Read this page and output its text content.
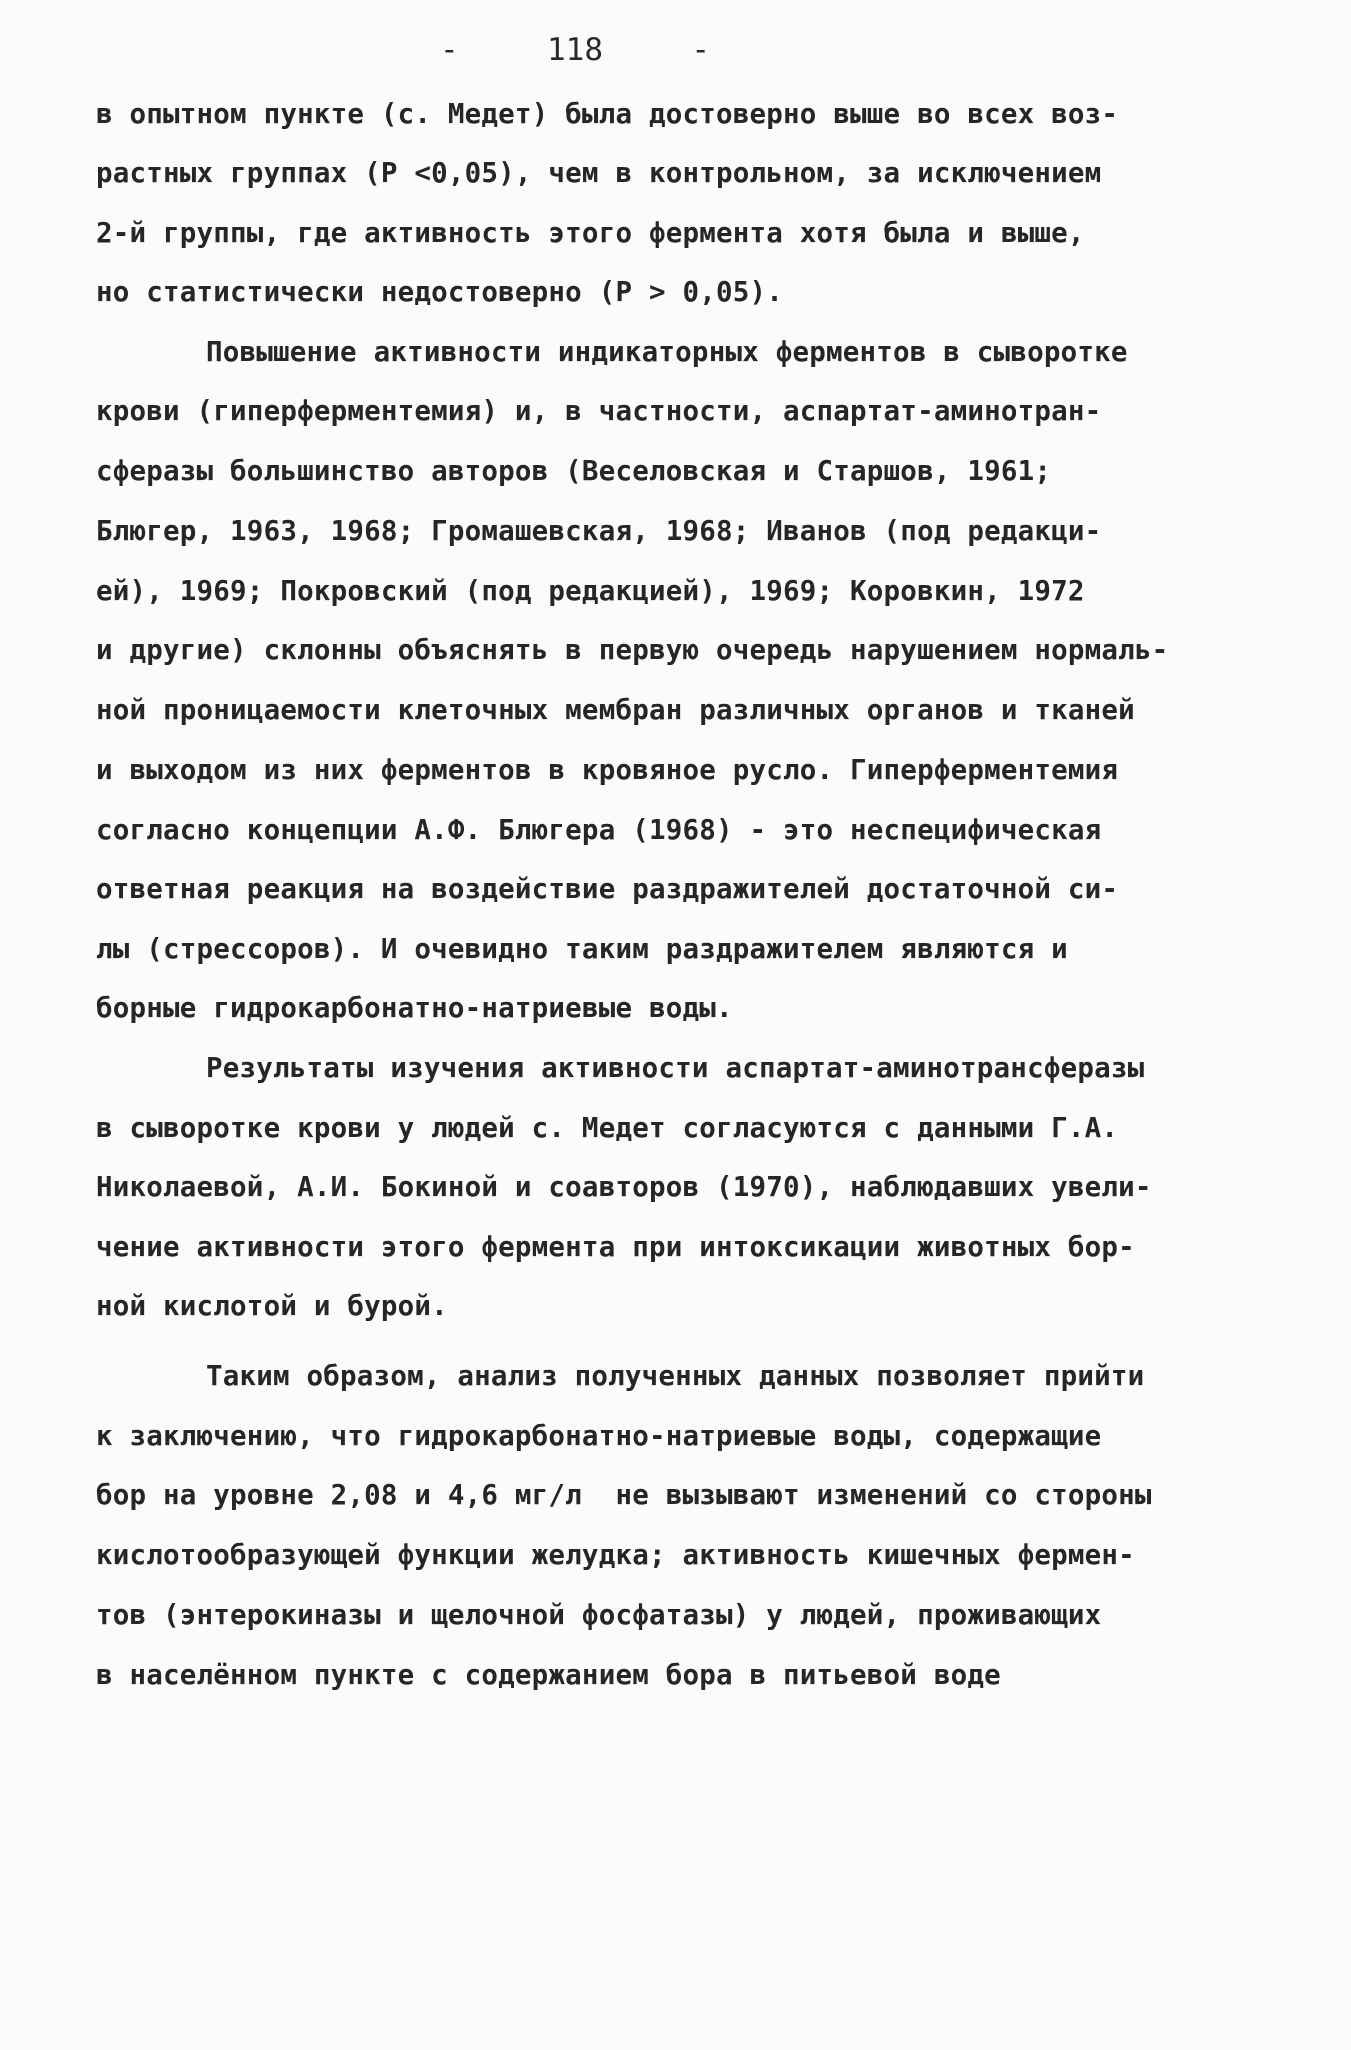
-	118	-
в опытном пункте (с. Медет) была достоверно выше во всех воз-
растных группах (P <0,05), чем в контрольном, за исключением
2-й группы, где активность этого фермента хотя была и выше,
но статистически недостоверно (P > 0,05).
Повышение активности индикаторных ферментов в сыворотке
крови (гиперферментемия) и, в частности, аспартат-аминотран-
сферазы большинство авторов (Веселовская и Старшов, 1961;
Блюгер, 1963, 1968; Громашевская, 1968; Иванов (под редакци-
ей), 1969; Покровский (под редакцией), 1969; Коровкин, 1972
и другие) склонны объяснять в первую очередь нарушением нормаль-
ной проницаемости клеточных мембран различных органов и тканей
и выходом из них ферментов в кровяное русло. Гиперферментемия
согласно концепции А.Ф. Блюгера (1968) - это неспецифическая
ответная реакция на воздействие раздражителей достаточной си-
лы (стрессоров). И очевидно таким раздражителем являются и
борные гидрокарбонатно-натриевые воды.
Результаты изучения активности аспартат-аминотрансферазы
в сыворотке крови у людей с. Медет согласуются с данными Г.А.
Николаевой, А.И. Бокиной и соавторов (1970), наблюдавших увели-
чение активности этого фермента при интоксикации животных бор-
ной кислотой и бурой.
Таким образом, анализ полученных данных позволяет прийти
к заключению, что гидрокарбонатно-натриевые воды, содержащие
бор на уровне 2,08 и 4,6 мг/л  не вызывают изменений со стороны
кислотообразующей функции желудка; активность кишечных фермен-
тов (энтерокиназы и щелочной фосфатазы) у людей, проживающих
в населённом пункте с содержанием бора в питьевой воде
